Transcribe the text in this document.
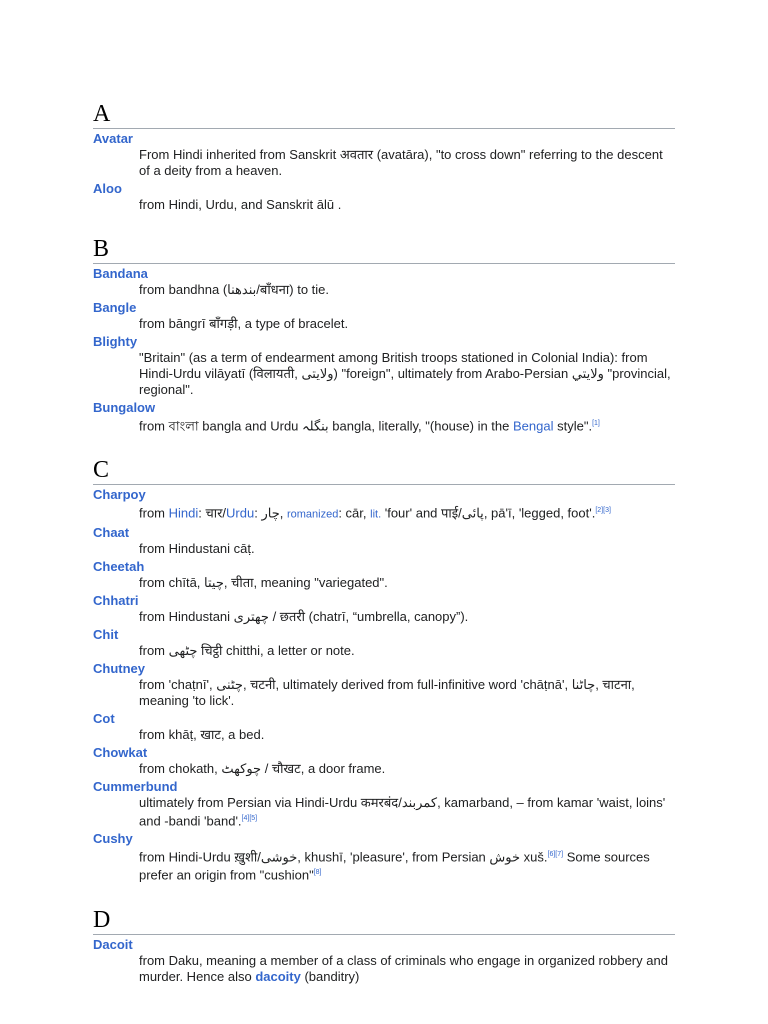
A
Avatar
From Hindi inherited from Sanskrit अवतार (avatāra), "to cross down" referring to the descent of a deity from a heaven.
Aloo
from Hindi, Urdu, and Sanskrit ālū .
B
Bandana
from bandhna (بندھنا/बाँधना) to tie.
Bangle
from bāngrī बाँगड़ी, a type of bracelet.
Blighty
"Britain" (as a term of endearment among British troops stationed in Colonial India): from Hindi-Urdu vilāyatī (विलायती, ولایتی) "foreign", ultimately from Arabo-Persian ولايتي "provincial, regional".
Bungalow
from বাংলা bangla and Urdu بنگلہ bangla, literally, "(house) in the Bengal style".[1]
C
Charpoy
from Hindi: चार/Urdu: چار, romanized: cār, lit. 'four' and पाई/پائی, pā'ī, 'legged, foot'.[2][3]
Chaat
from Hindustani cāṭ.
Cheetah
from chītā, چیتا, चीता, meaning "variegated".
Chhatri
from Hindustani چھتری / छतरी (chatrī, “umbrella, canopy”).
Chit
from چٹھی चिट्ठी chitthi, a letter or note.
Chutney
from 'chaṭnī', چٹنی, चटनी, ultimately derived from full-infinitive word 'chāṭnā', چاٹنا, चाटना, meaning 'to lick'.
Cot
from khāṭ, खाट, a bed.
Chowkat
from chokath, چوکھٹ / चौखट, a door frame.
Cummerbund
ultimately from Persian via Hindi-Urdu कमरबंद/کمربند, kamarband, – from kamar 'waist, loins' and -bandi 'band'.[4][5]
Cushy
from Hindi-Urdu ख़ुशी/خوشی, khushī, 'pleasure', from Persian خوش xuš.[6][7] Some sources prefer an origin from "cushion"[8]
D
Dacoit
from Daku, meaning a member of a class of criminals who engage in organized robbery and murder. Hence also dacoity (banditry)
